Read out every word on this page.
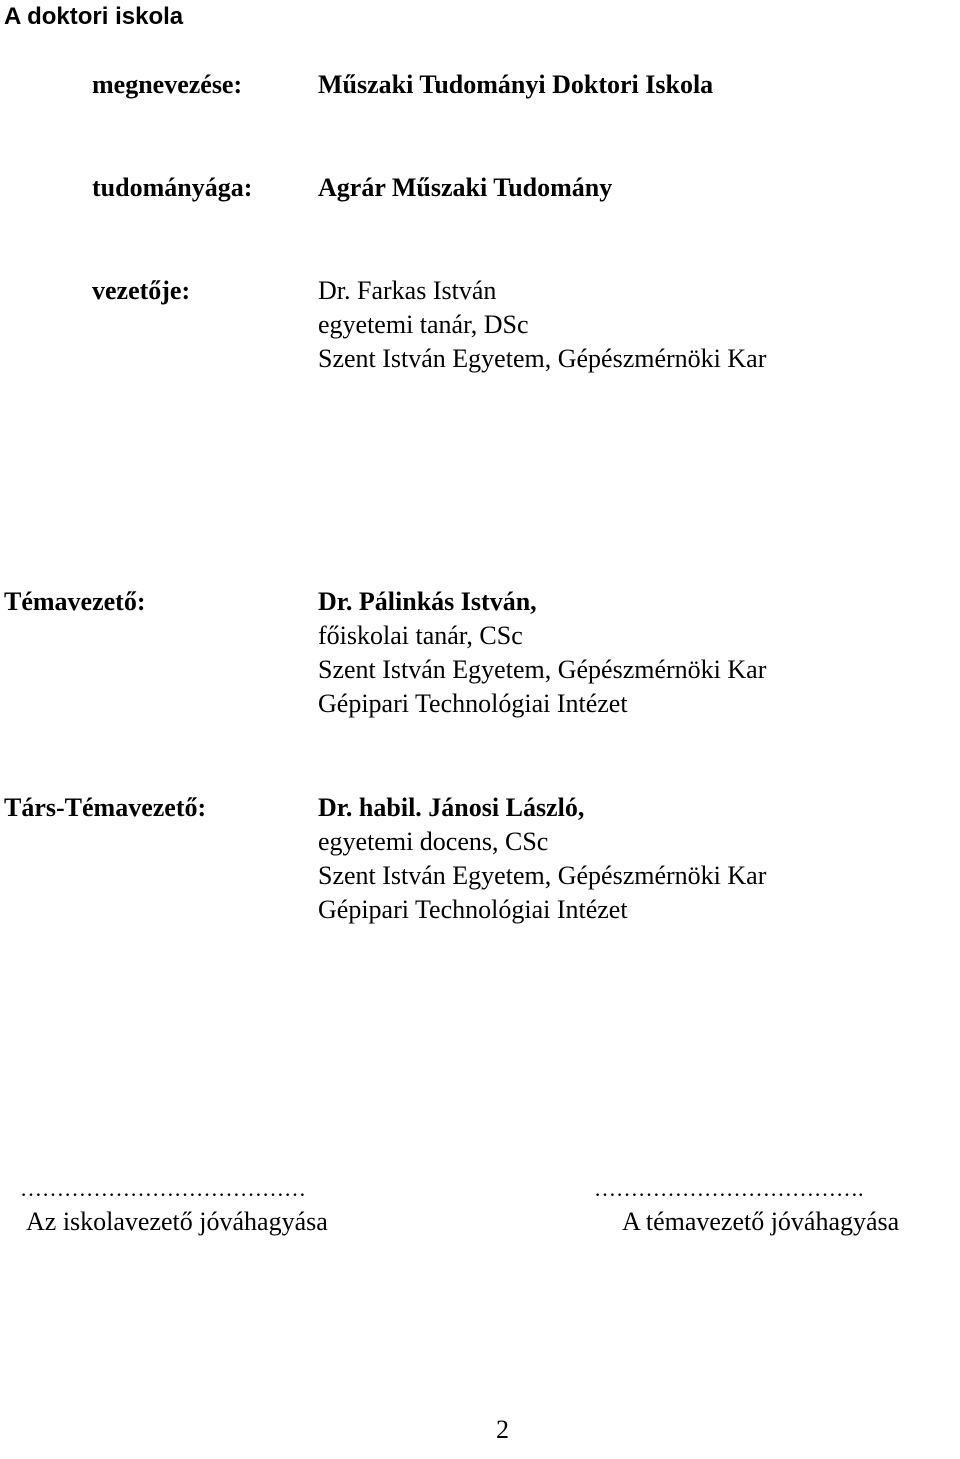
A doktori iskola
megnevezése:	Műszaki Tudományi Doktori Iskola
tudományága:	Agrár Műszaki Tudomány
vezetője:	Dr. Farkas István
egyetemi tanár, DSc
Szent István Egyetem, Gépészmérnöki Kar
Témavezető:	Dr. Pálinkás István,
főiskolai tanár, CSc
Szent István Egyetem, Gépészmérnöki Kar
Gépipari Technológiai Intézet
Társ-Témavezető:	Dr. habil. Jánosi László,
egyetemi docens, CSc
Szent István Egyetem, Gépészmérnöki Kar
Gépipari Technológiai Intézet
…………………………………
Az iskolavezető jóváhagyása
……………………………….
A témavezető jóváhagyása
2
